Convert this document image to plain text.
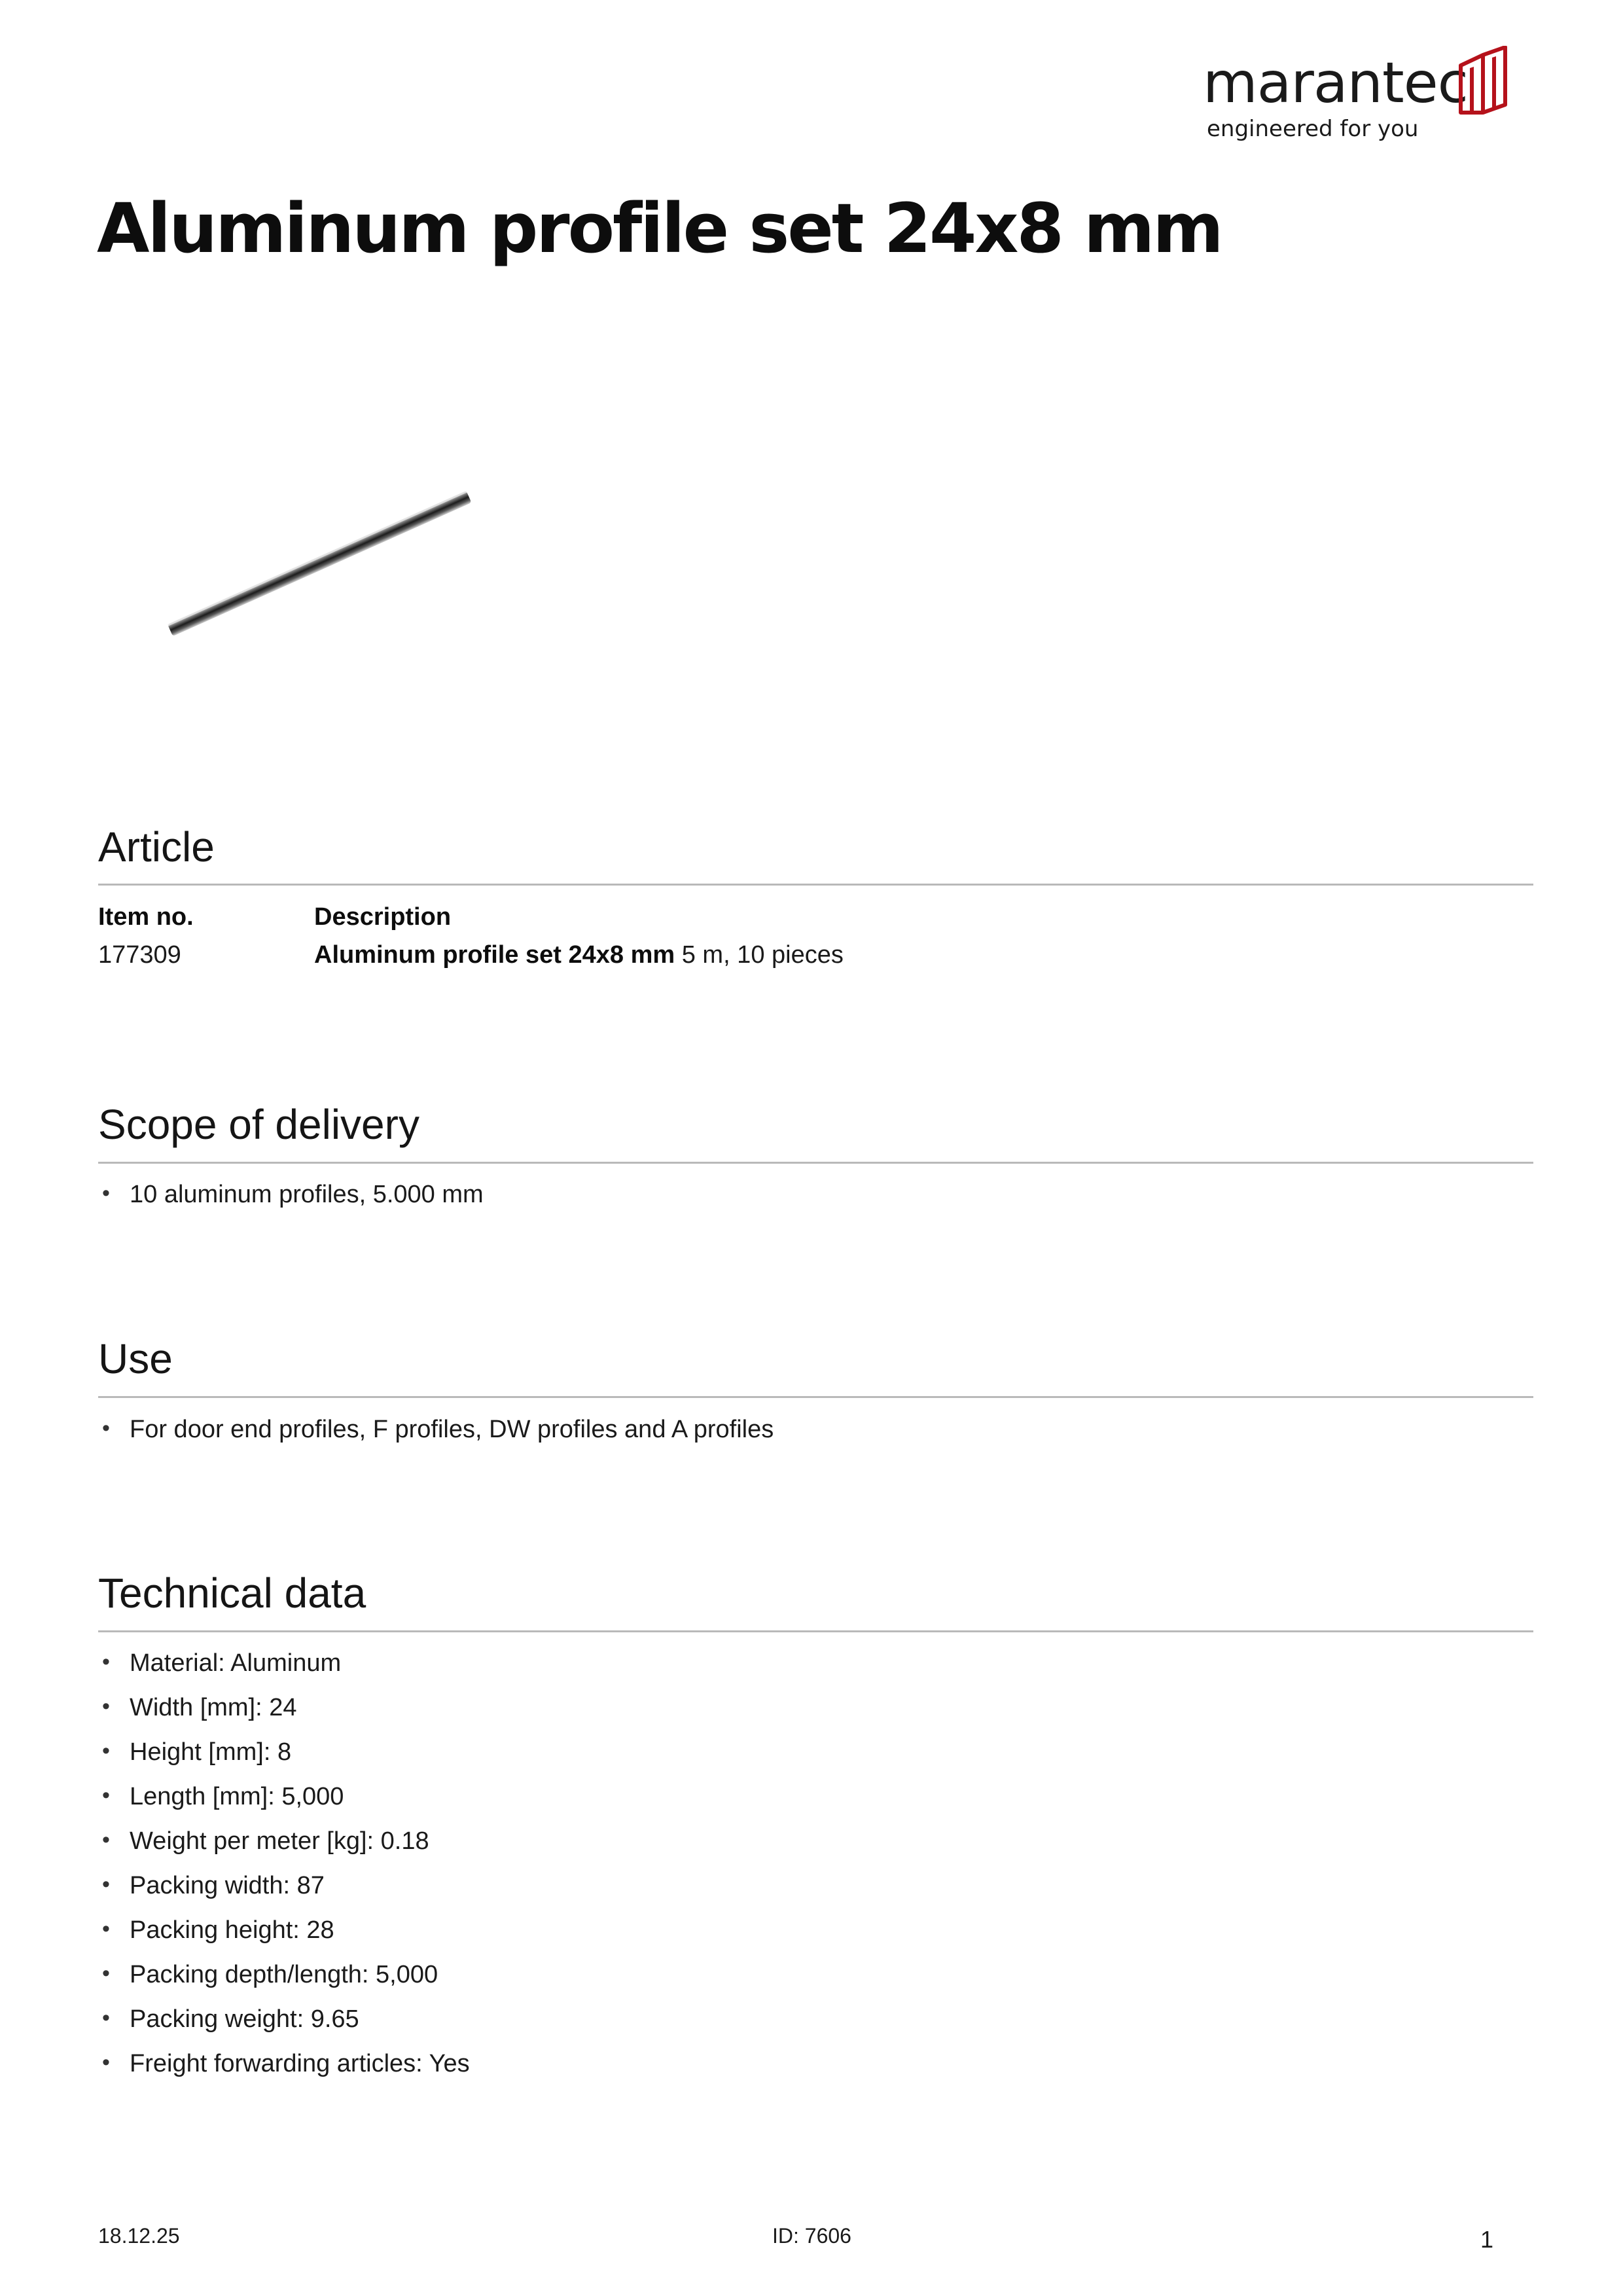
marantec
engineered for you
Aluminum profile set 24x8 mm
Article
Item no.	Description
177309	Aluminum profile set 24x8 mm 5 m, 10 pieces
Scope of delivery
• 10 aluminum profiles, 5.000 mm
Use
• For door end profiles, F profiles, DW profiles and A profiles
Technical data
• Material: Aluminum
• Width [mm]: 24
• Height [mm]: 8
• Length [mm]: 5,000
• Weight per meter [kg]: 0.18
• Packing width: 87
• Packing height: 28
• Packing depth/length: 5,000
• Packing weight: 9.65
• Freight forwarding articles: Yes
18.12.25	ID: 7606	1
